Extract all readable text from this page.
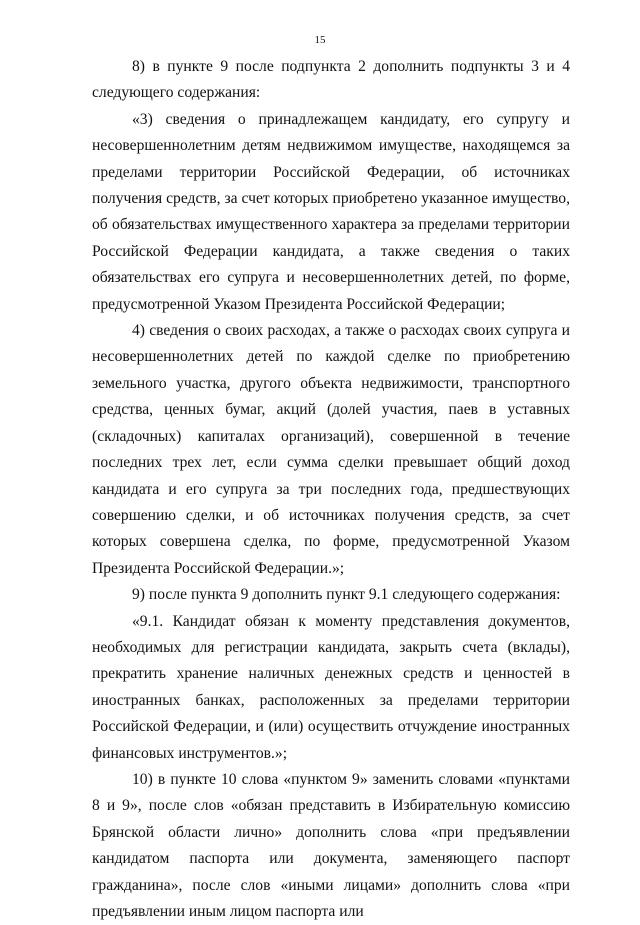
15

8) в пункте 9 после подпункта 2 дополнить подпункты 3 и 4 следующего содержания:

«3) сведения о принадлежащем кандидату, его супругу и несовершеннолетним детям недвижимом имуществе, находящемся за пределами территории Российской Федерации, об источниках получения средств, за счет которых приобретено указанное имущество, об обязательствах имущественного характера за пределами территории Российской Федерации кандидата, а также сведения о таких обязательствах его супруга и несовершеннолетних детей, по форме, предусмотренной Указом Президента Российской Федерации;

4) сведения о своих расходах, а также о расходах своих супруга и несовершеннолетних детей по каждой сделке по приобретению земельного участка, другого объекта недвижимости, транспортного средства, ценных бумаг, акций (долей участия, паев в уставных (складочных) капиталах организаций), совершенной в течение последних трех лет, если сумма сделки превышает общий доход кандидата и его супруга за три последних года, предшествующих совершению сделки, и об источниках получения средств, за счет которых совершена сделка, по форме, предусмотренной Указом Президента Российской Федерации.»;

9) после пункта 9 дополнить пункт 9.1 следующего содержания:

«9.1. Кандидат обязан к моменту представления документов, необходимых для регистрации кандидата, закрыть счета (вклады), прекратить хранение наличных денежных средств и ценностей в иностранных банках, расположенных за пределами территории Российской Федерации, и (или) осуществить отчуждение иностранных финансовых инструментов.»;

10) в пункте 10 слова «пунктом 9» заменить словами «пунктами 8 и 9», после слов «обязан представить в Избирательную комиссию Брянской области лично» дополнить слова «при предъявлении кандидатом паспорта или документа, заменяющего паспорт гражданина», после слов «иными лицами» дополнить слова «при предъявлении иным лицом паспорта или
